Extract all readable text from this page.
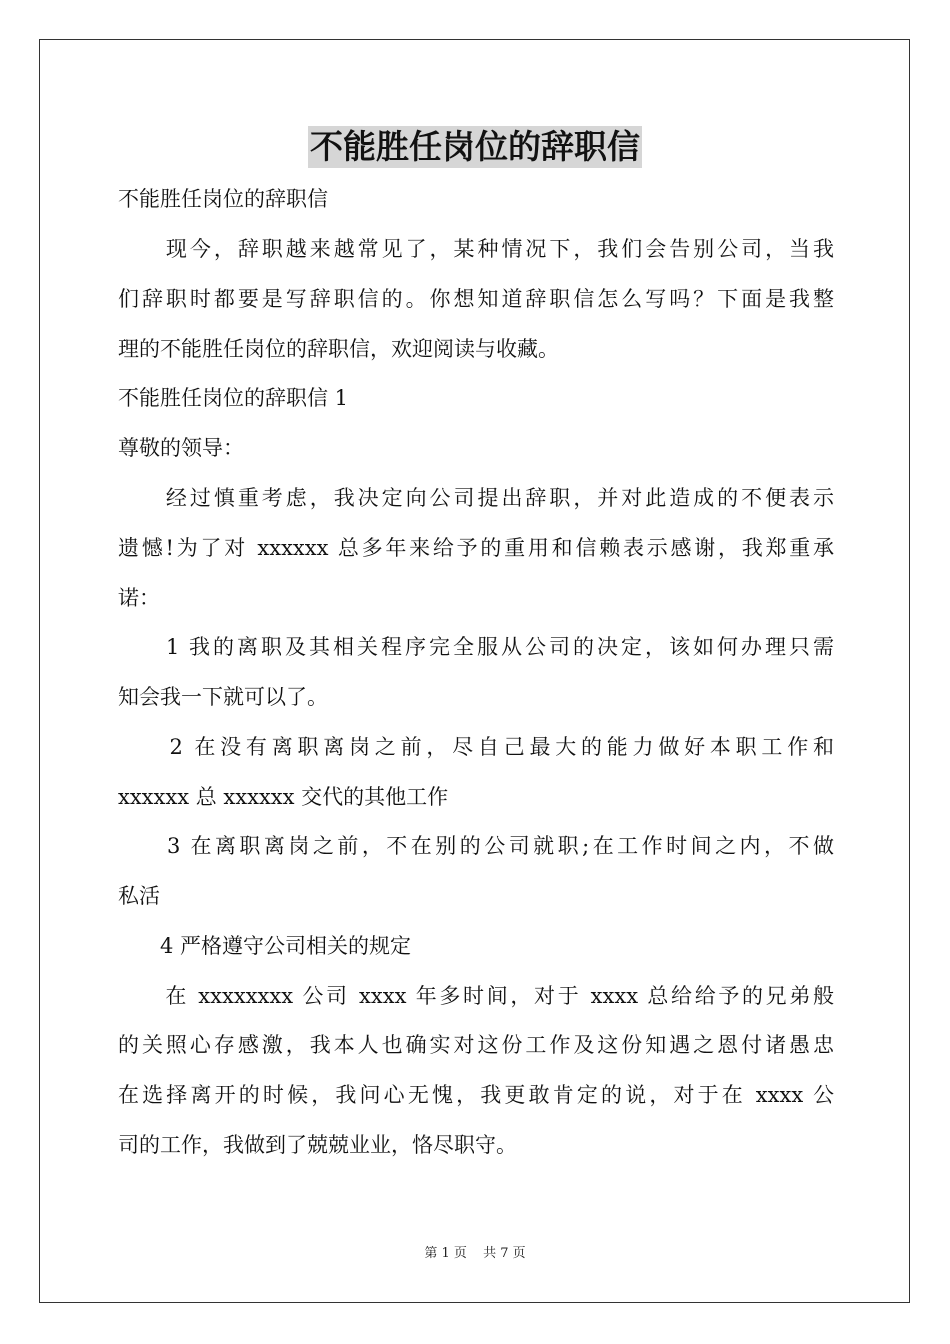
不能胜任岗位的辞职信
不能胜任岗位的辞职信
　　现今，辞职越来越常见了，某种情况下，我们会告别公司，当我
们辞职时都要是写辞职信的。你想知道辞职信怎么写吗？下面是我整
理的不能胜任岗位的辞职信，欢迎阅读与收藏。
不能胜任岗位的辞职信 1
尊敬的领导：
　　经过慎重考虑，我决定向公司提出辞职，并对此造成的不便表示
遗憾!为了对 xxxxxx 总多年来给予的重用和信赖表示感谢，我郑重承
诺：
　　1 我的离职及其相关程序完全服从公司的决定，该如何办理只需
知会我一下就可以了。
　　2 在没有离职离岗之前，尽自己最大的能力做好本职工作和
xxxxxx 总 xxxxxx 交代的其他工作
　　3 在离职离岗之前，不在别的公司就职;在工作时间之内，不做
私活
　　4 严格遵守公司相关的规定
　　在 xxxxxxxx 公司 xxxx 年多时间，对于 xxxx 总给给予的兄弟般
的关照心存感激，我本人也确实对这份工作及这份知遇之恩付诸愚忠
在选择离开的时候，我问心无愧，我更敢肯定的说，对于在 xxxx 公
司的工作，我做到了兢兢业业，恪尽职守。
第 1 页 共 7 页
